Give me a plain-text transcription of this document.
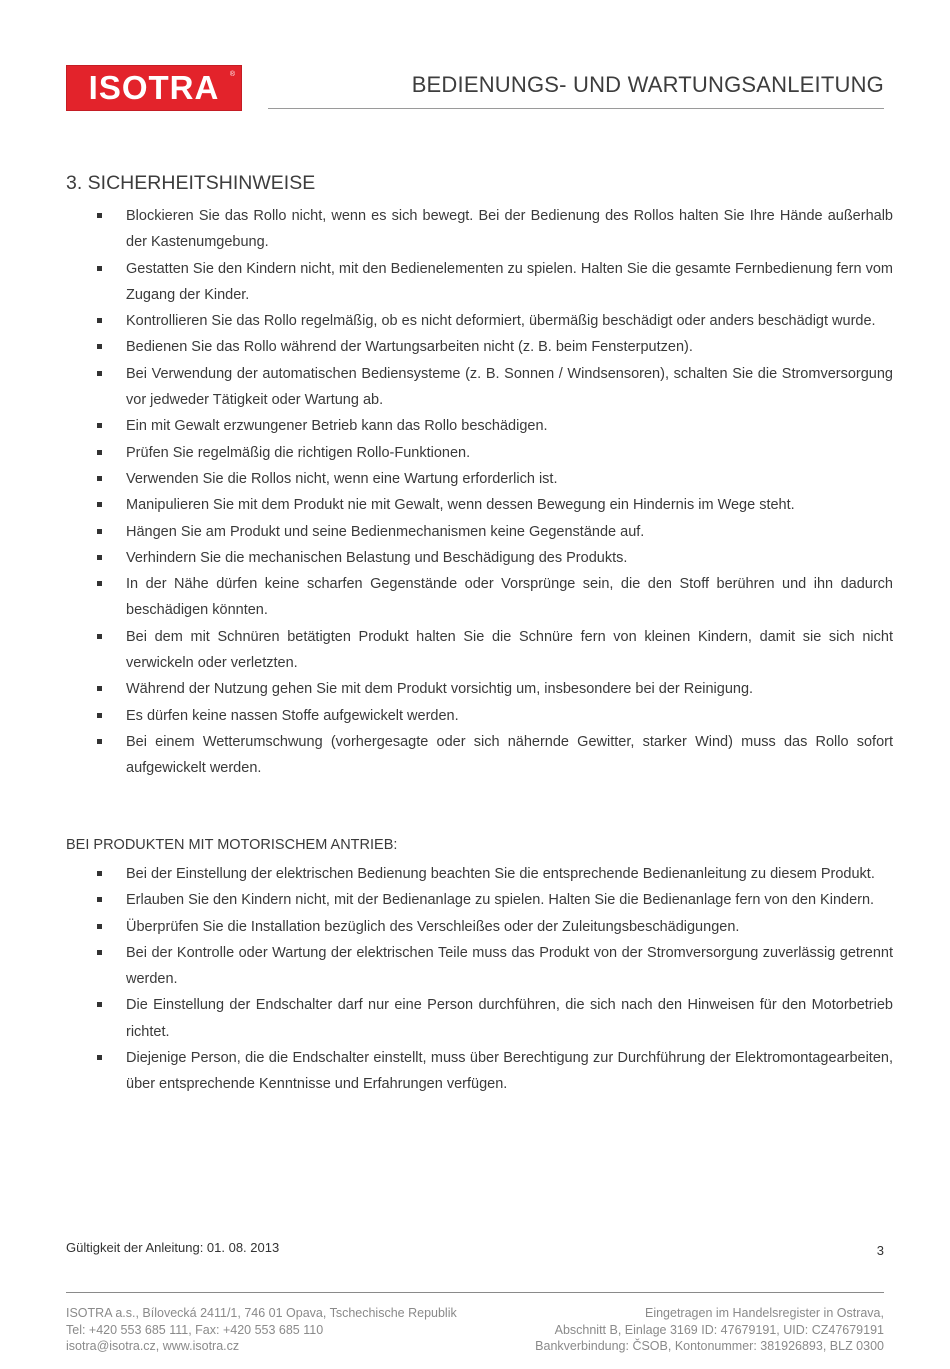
ISOTRA ®	BEDIENUNGS- UND WARTUNGSANLEITUNG
3. SICHERHEITSHINWEISE
Blockieren Sie das Rollo nicht, wenn es sich bewegt. Bei der Bedienung des Rollos halten Sie Ihre Hände außerhalb der Kastenumgebung.
Gestatten Sie den Kindern nicht, mit den Bedienelementen zu spielen. Halten Sie die gesamte Fernbedienung fern vom Zugang der Kinder.
Kontrollieren Sie das Rollo regelmäßig, ob es nicht deformiert, übermäßig beschädigt oder anders beschädigt wurde.
Bedienen Sie das Rollo während der Wartungsarbeiten nicht (z. B. beim Fensterputzen).
Bei Verwendung der automatischen Bediensysteme (z. B. Sonnen / Windsensoren), schalten Sie die Stromversorgung vor jedweder Tätigkeit oder Wartung ab.
Ein mit Gewalt erzwungener Betrieb kann das Rollo beschädigen.
Prüfen Sie regelmäßig die richtigen Rollo-Funktionen.
Verwenden Sie die Rollos nicht, wenn eine Wartung erforderlich ist.
Manipulieren Sie mit dem Produkt nie mit Gewalt, wenn dessen Bewegung ein Hindernis im Wege steht.
Hängen Sie am Produkt und seine Bedienmechanismen keine Gegenstände auf.
Verhindern Sie die mechanischen Belastung und Beschädigung des Produkts.
In der Nähe dürfen keine scharfen Gegenstände oder Vorsprünge sein, die den Stoff berühren und ihn dadurch beschädigen könnten.
Bei dem mit Schnüren betätigten Produkt halten Sie die Schnüre fern von kleinen Kindern, damit sie sich nicht verwickeln oder verletzten.
Während der Nutzung gehen Sie mit dem Produkt vorsichtig um, insbesondere bei der Reinigung.
Es dürfen keine nassen Stoffe aufgewickelt werden.
Bei einem Wetterumschwung (vorhergesagte oder sich nähernde Gewitter, starker Wind) muss das Rollo sofort aufgewickelt werden.
BEI PRODUKTEN MIT MOTORISCHEM ANTRIEB:
Bei der Einstellung der elektrischen Bedienung beachten Sie die entsprechende Bedienanleitung zu diesem Produkt.
Erlauben Sie den Kindern nicht, mit der Bedienanlage zu spielen. Halten Sie die Bedienanlage fern von den Kindern.
Überprüfen Sie die Installation bezüglich des Verschleißes oder der Zuleitungsbeschädigungen.
Bei der Kontrolle oder Wartung der elektrischen Teile muss das Produkt von der Stromversorgung zuverlässig getrennt werden.
Die Einstellung der Endschalter darf nur eine Person durchführen, die sich nach den Hinweisen für den Motorbetrieb richtet.
Diejenige Person, die die Endschalter einstellt, muss über Berechtigung zur Durchführung der Elektromontagearbeiten, über entsprechende Kenntnisse und Erfahrungen verfügen.
Gültigkeit der Anleitung: 01. 08. 2013	3
ISOTRA a.s., Bílovecká 2411/1, 746 01 Opava, Tschechische Republik
Tel: +420 553 685 111, Fax: +420 553 685 110
isotra@isotra.cz, www.isotra.cz
Eingetragen im Handelsregister in Ostrava,
Abschnitt B, Einlage 3169 ID: 47679191, UID: CZ47679191
Bankverbindung: ČSOB, Kontonummer: 381926893, BLZ 0300
